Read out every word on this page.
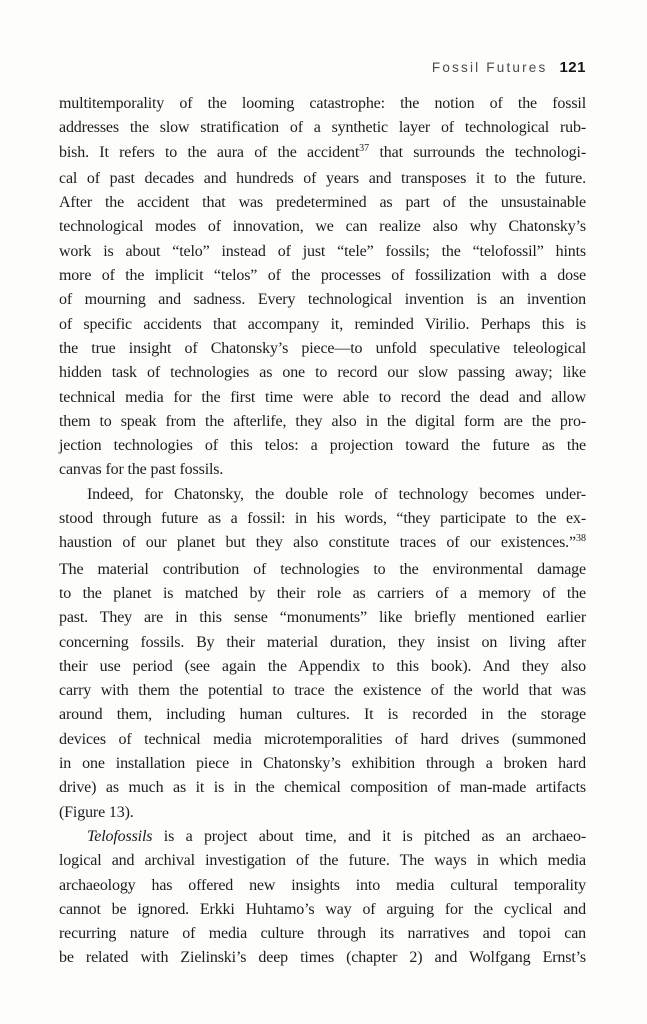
Fossil Futures 121

multitemporality of the looming catastrophe: the notion of the fossil
addresses the slow stratification of a synthetic layer of technological rub-
bish. It refers to the aura of the accident$^{37}$ that surrounds the technologi-
cal of past decades and hundreds of years and transposes it to the future.
After the accident that was predetermined as part of the unsustainable
technological modes of innovation, we can realize also why Chatonsky’s
work is about “telo” instead of just “tele” fossils; the “telofossil” hints
more of the implicit “telos” of the processes of fossilization with a dose
of mourning and sadness. Every technological invention is an invention
of specific accidents that accompany it, reminded Virilio. Perhaps this is
the true insight of Chatonsky’s piece—to unfold speculative teleological
hidden task of technologies as one to record our slow passing away; like
technical media for the first time were able to record the dead and allow
them to speak from the afterlife, they also in the digital form are the pro-
jection technologies of this telos: a projection toward the future as the
canvas for the past fossils.

Indeed, for Chatonsky, the double role of technology becomes under-
stood through future as a fossil: in his words, “they participate to the ex-
haustion of our planet but they also constitute traces of our existences.”$^{38}$
The material contribution of technologies to the environmental damage
to the planet is matched by their role as carriers of a memory of the
past. They are in this sense “monuments” like briefly mentioned earlier
concerning fossils. By their material duration, they insist on living after
their use period (see again the Appendix to this book). And they also
carry with them the potential to trace the existence of the world that was
around them, including human cultures. It is recorded in the storage
devices of technical media microtemporalities of hard drives (summoned
in one installation piece in Chatonsky’s exhibition through a broken hard
drive) as much as it is in the chemical composition of man-made artifacts
(Figure 13).

Telofossils is a project about time, and it is pitched as an archaeo-
logical and archival investigation of the future. The ways in which media
archaeology has offered new insights into media cultural temporality
cannot be ignored. Erkki Huhtamo’s way of arguing for the cyclical and
recurring nature of media culture through its narratives and topoi can
be related with Zielinski’s deep times (chapter 2) and Wolfgang Ernst’s
